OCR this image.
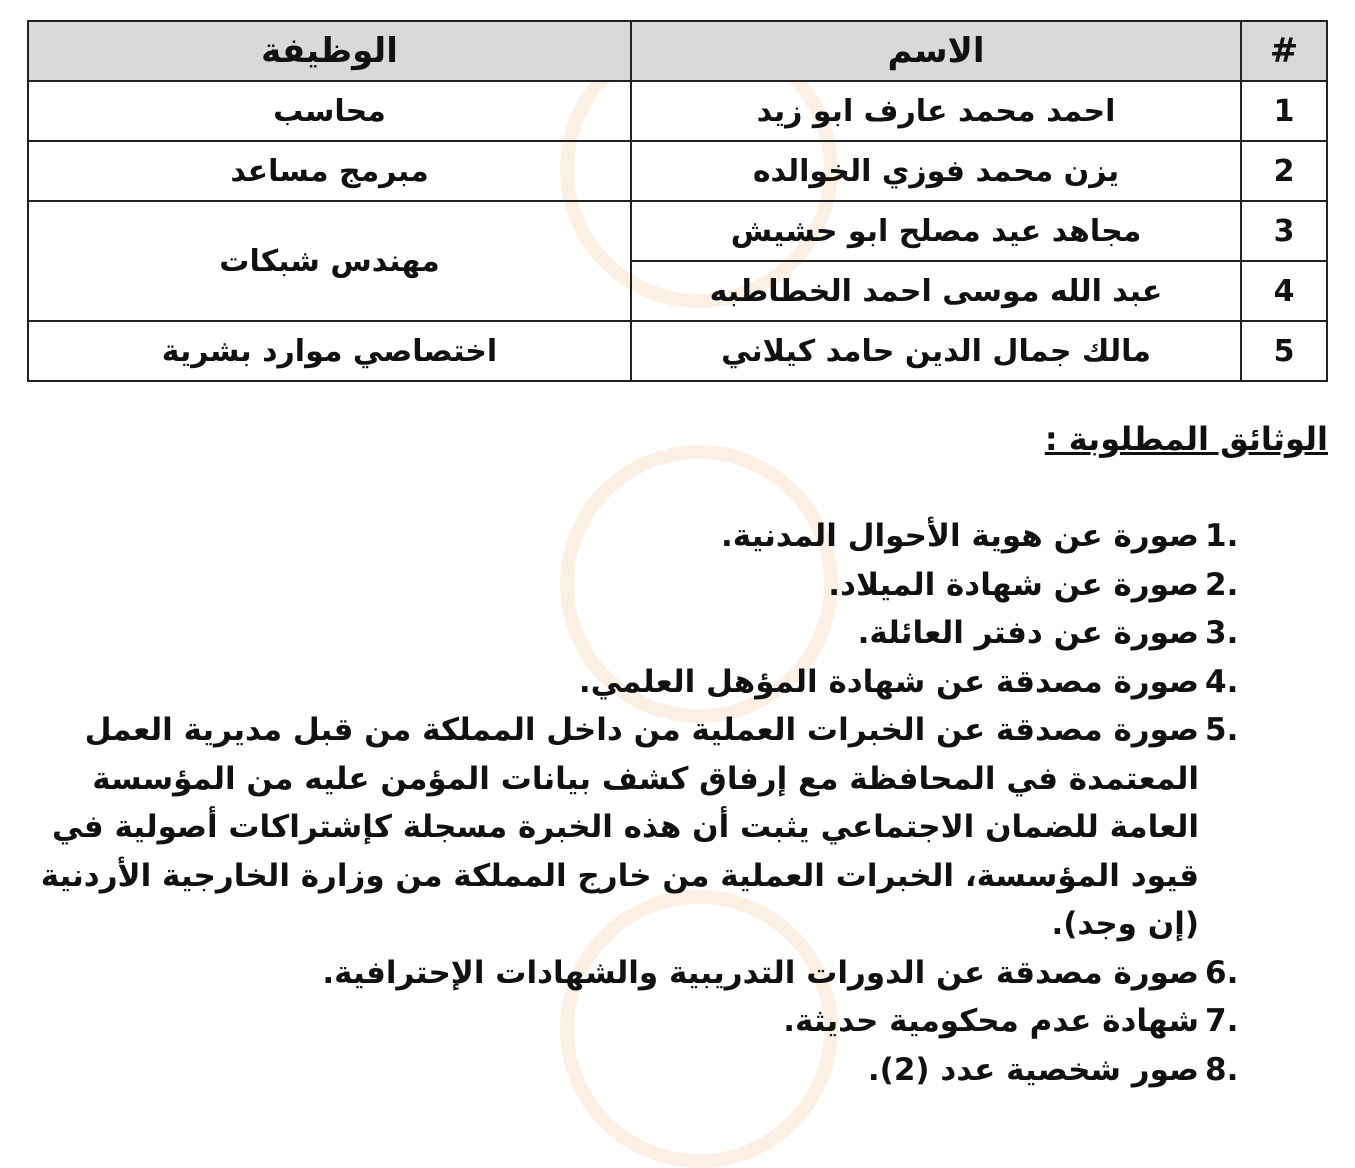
#	الاسم	الوظيفة
1	احمد محمد عارف ابو زيد	محاسب
2	يزن محمد فوزي الخوالده	مبرمج مساعد
3	مجاهد عيد مصلح ابو حشيش	مهندس شبكات
4	عبد الله موسى احمد الخطاطبه	
5	مالك جمال الدين حامد كيلاني	اختصاصي موارد بشرية
الوثائق المطلوبة :
1.
صورة عن هوية الأحوال المدنية.
2.
صورة عن شهادة الميلاد.
3.
صورة عن دفتر العائلة.
4.
صورة مصدقة عن شهادة المؤهل العلمي.
5.
صورة مصدقة عن الخبرات العملية من داخل المملكة من قبل مديرية العمل المعتمدة في المحافظة مع إرفاق كشف بيانات المؤمن عليه من المؤسسة العامة للضمان الاجتماعي يثبت أن هذه الخبرة مسجلة كإشتراكات أصولية في قيود المؤسسة، الخبرات العملية من خارج المملكة من وزارة الخارجية الأردنية (إن وجد).
6.
صورة مصدقة عن الدورات التدريبية والشهادات الإحترافية.
7.
شهادة عدم محكومية حديثة.
8.
صور شخصية عدد (2).
